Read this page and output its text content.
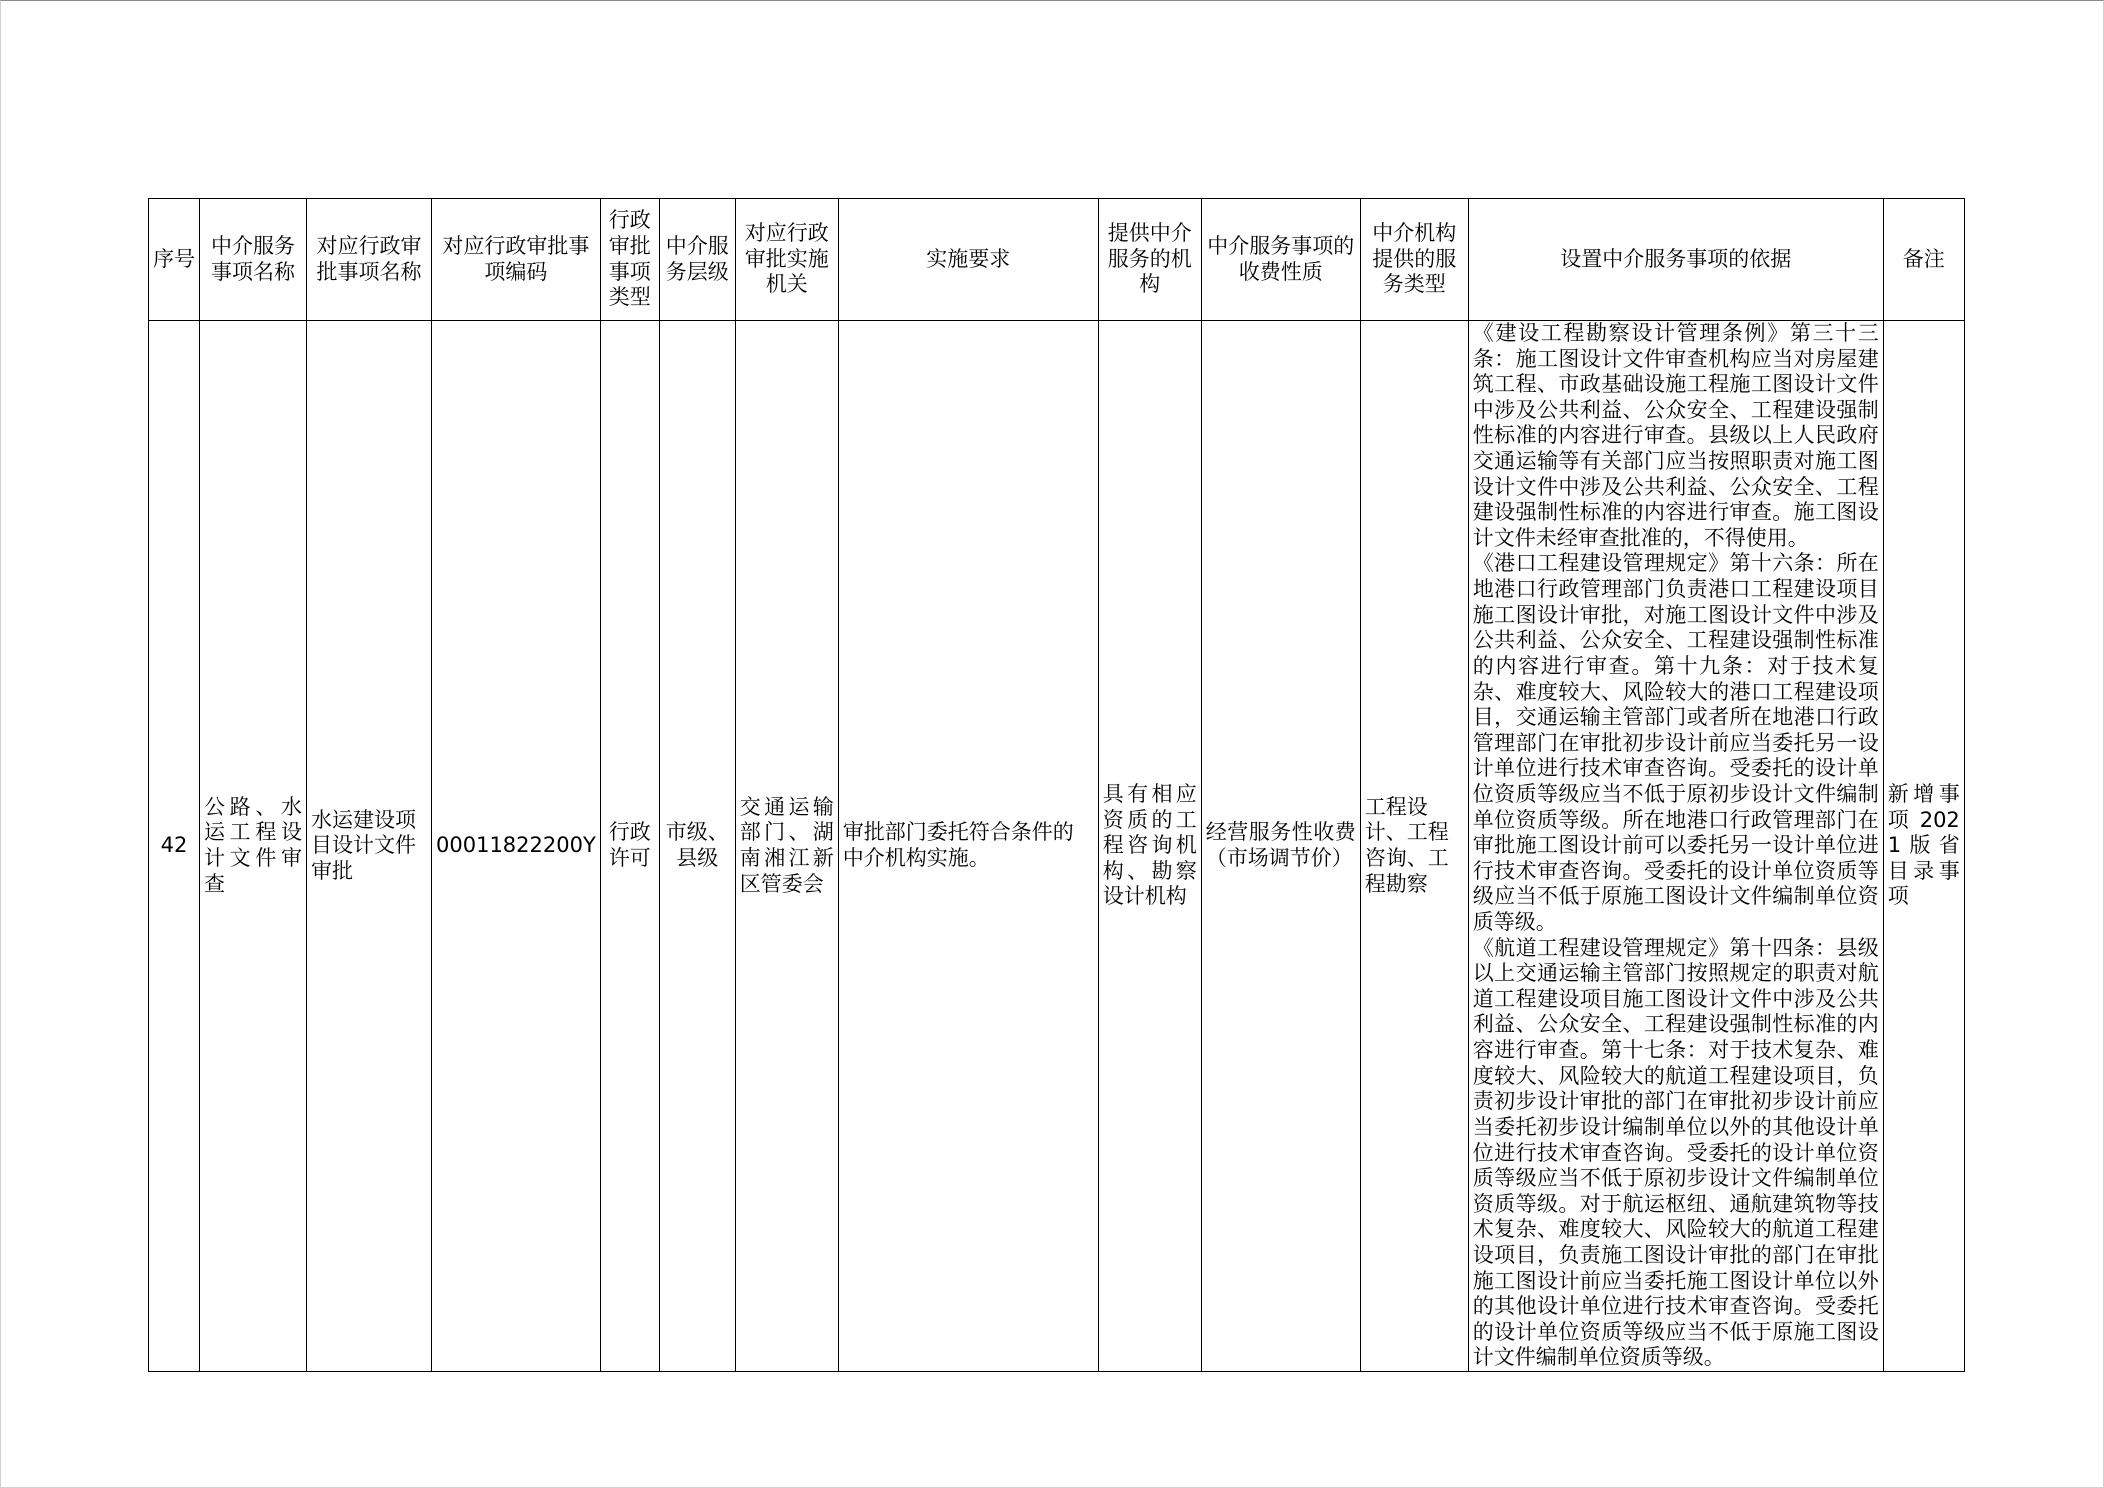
序号	中介服务事项名称	对应行政审批事项名称	对应行政审批事项编码	行政审批事项类型	中介服务层级	对应行政审批实施机关	实施要求	提供中介服务的机构	中介服务事项的收费性质	中介机构提供的服务类型	设置中介服务事项的依据	备注
42	公路、水运工程设计文件审查	水运建设项目设计文件审批	00011822200Y	行政许可	市级、县级	交通运输部门、湖南湘江新区管委会	审批部门委托符合条件的中介机构实施。	具有相应资质的工程咨询机构、勘察设计机构	经营服务性收费（市场调节价）	工程设计、工程咨询、工程勘察	《建设工程勘察设计管理条例》第三十三条：施工图设计文件审查机构应当对房屋建筑工程、市政基础设施工程施工图设计文件中涉及公共利益、公众安全、工程建设强制性标准的内容进行审查。县级以上人民政府交通运输等有关部门应当按照职责对施工图设计文件中涉及公共利益、公众安全、工程建设强制性标准的内容进行审查。施工图设计文件未经审查批准的，不得使用。

《港口工程建设管理规定》第十六条：所在地港口行政管理部门负责港口工程建设项目施工图设计审批，对施工图设计文件中涉及公共利益、公众安全、工程建设强制性标准的内容进行审查。第十九条：对于技术复杂、难度较大、风险较大的港口工程建设项目，交通运输主管部门或者所在地港口行政管理部门在审批初步设计前应当委托另一设计单位进行技术审查咨询。受委托的设计单位资质等级应当不低于原初步设计文件编制单位资质等级。所在地港口行政管理部门在审批施工图设计前可以委托另一设计单位进行技术审查咨询。受委托的设计单位资质等级应当不低于原施工图设计文件编制单位资质等级。

《航道工程建设管理规定》第十四条：县级以上交通运输主管部门按照规定的职责对航道工程建设项目施工图设计文件中涉及公共利益、公众安全、工程建设强制性标准的内容进行审查。第十七条：对于技术复杂、难度较大、风险较大的航道工程建设项目，负责初步设计审批的部门在审批初步设计前应当委托初步设计编制单位以外的其他设计单位进行技术审查咨询。受委托的设计单位资质等级应当不低于原初步设计文件编制单位资质等级。对于航运枢纽、通航建筑物等技术复杂、难度较大、风险较大的航道工程建设项目，负责施工图设计审批的部门在审批施工图设计前应当委托施工图设计单位以外的其他设计单位进行技术审查咨询。受委托的设计单位资质等级应当不低于原施工图设计文件编制单位资质等级。	新增事项2021版省目录事项
